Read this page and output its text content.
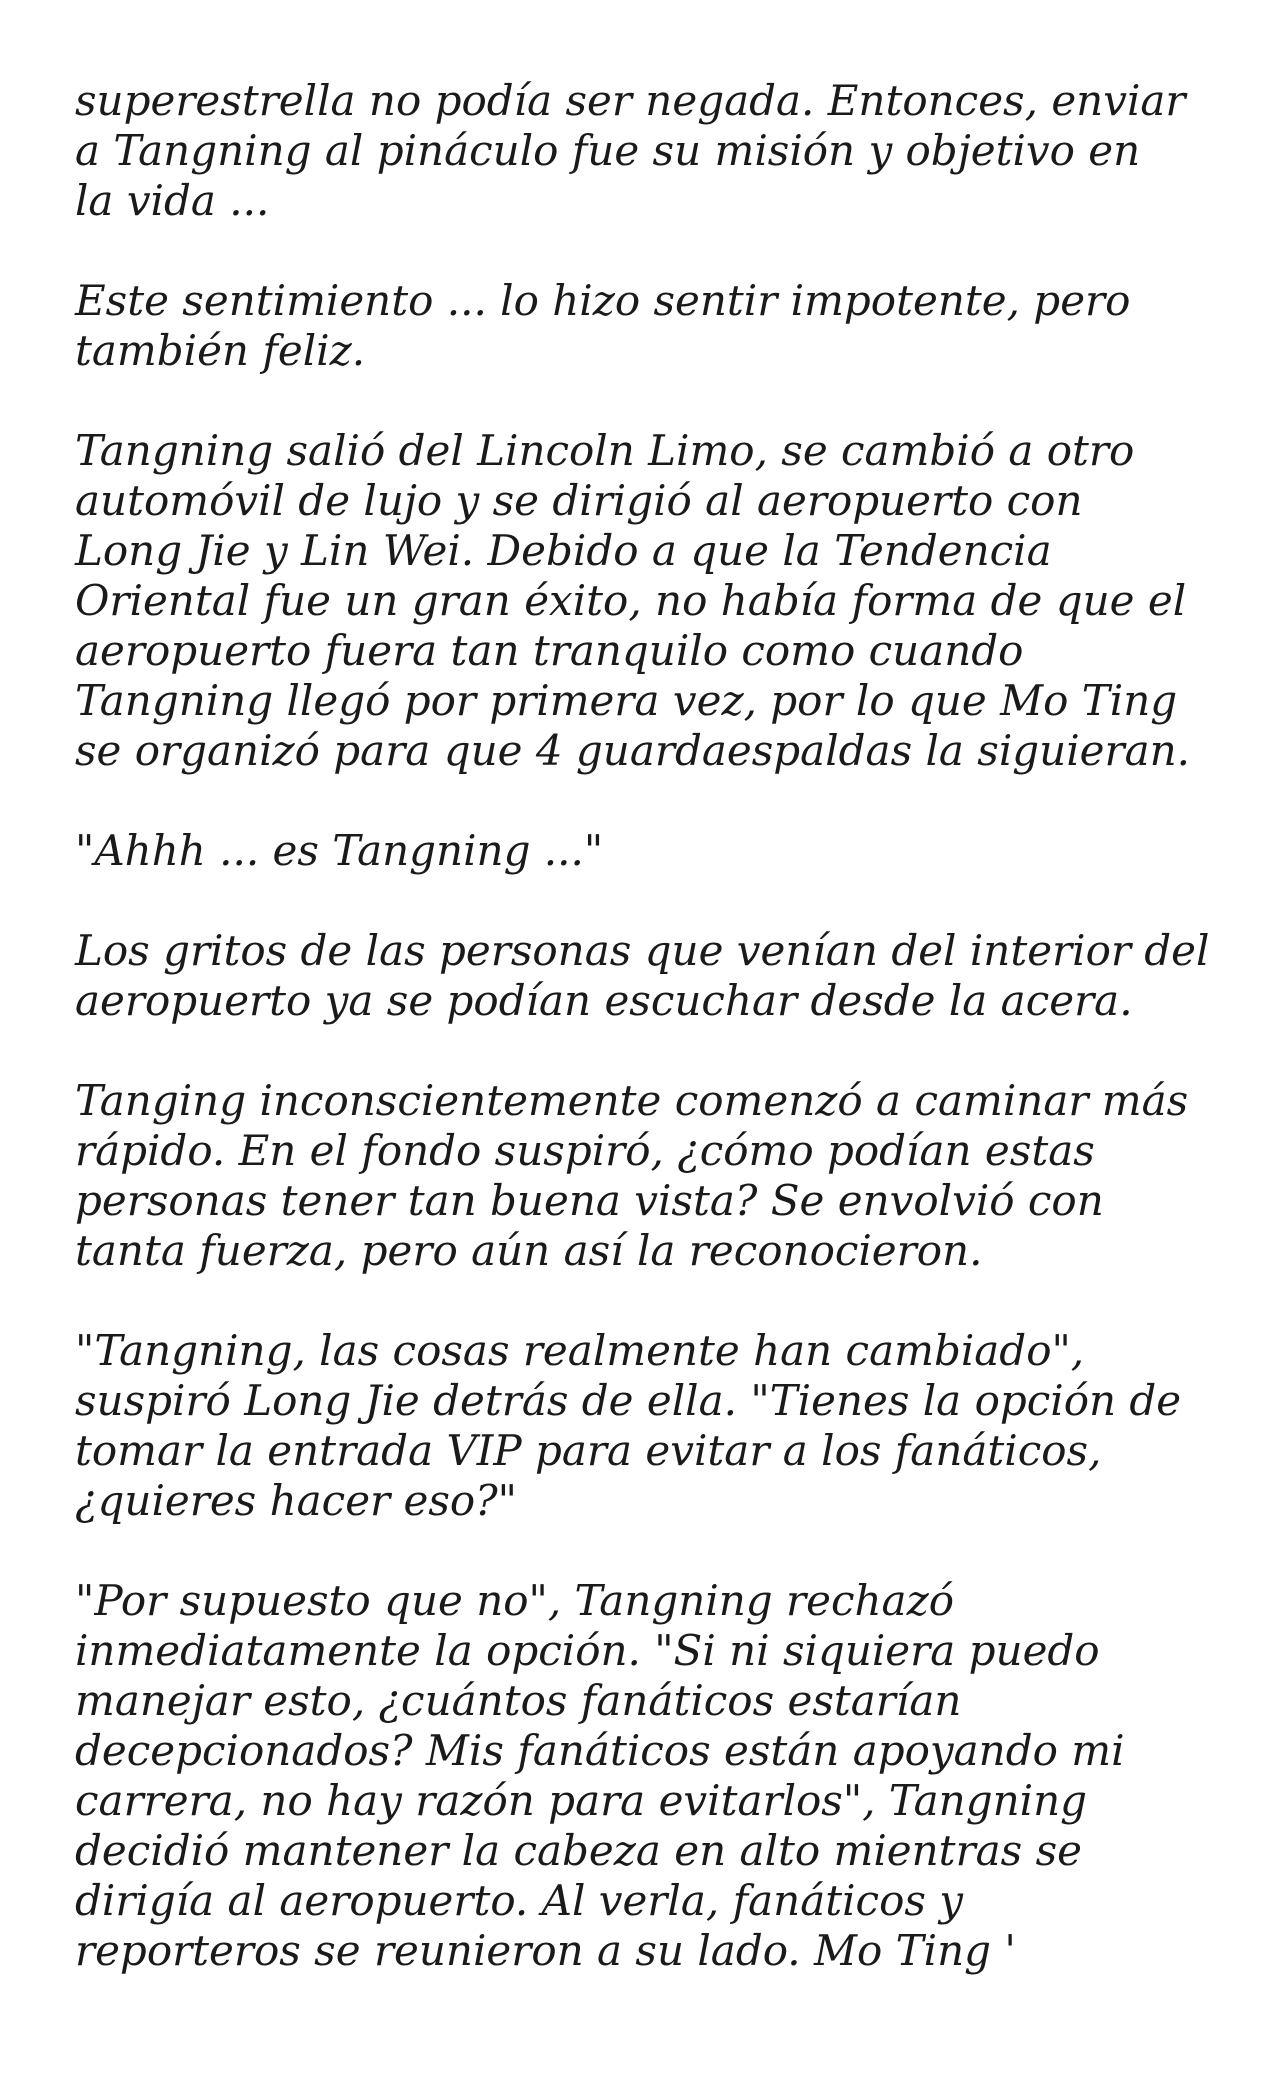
superestrella no podía ser negada. Entonces, enviar
a Tangning al pináculo fue su misión y objetivo en
la vida ...

Este sentimiento ... lo hizo sentir impotente, pero
también feliz.

Tangning salió del Lincoln Limo, se cambió a otro
automóvil de lujo y se dirigió al aeropuerto con
Long Jie y Lin Wei. Debido a que la Tendencia
Oriental fue un gran éxito, no había forma de que el
aeropuerto fuera tan tranquilo como cuando
Tangning llegó por primera vez, por lo que Mo Ting
se organizó para que 4 guardaespaldas la siguieran.

"Ahhh ... es Tangning ..."

Los gritos de las personas que venían del interior del
aeropuerto ya se podían escuchar desde la acera.

Tanging inconscientemente comenzó a caminar más
rápido. En el fondo suspiró, ¿cómo podían estas
personas tener tan buena vista? Se envolvió con
tanta fuerza, pero aún así la reconocieron.

"Tangning, las cosas realmente han cambiado",
suspiró Long Jie detrás de ella. "Tienes la opción de
tomar la entrada VIP para evitar a los fanáticos,
¿quieres hacer eso?"

"Por supuesto que no", Tangning rechazó
inmediatamente la opción. "Si ni siquiera puedo
manejar esto, ¿cuántos fanáticos estarían
decepcionados? Mis fanáticos están apoyando mi
carrera, no hay razón para evitarlos", Tangning
decidió mantener la cabeza en alto mientras se
dirigía al aeropuerto. Al verla, fanáticos y
reporteros se reunieron a su lado. Mo Ting '
